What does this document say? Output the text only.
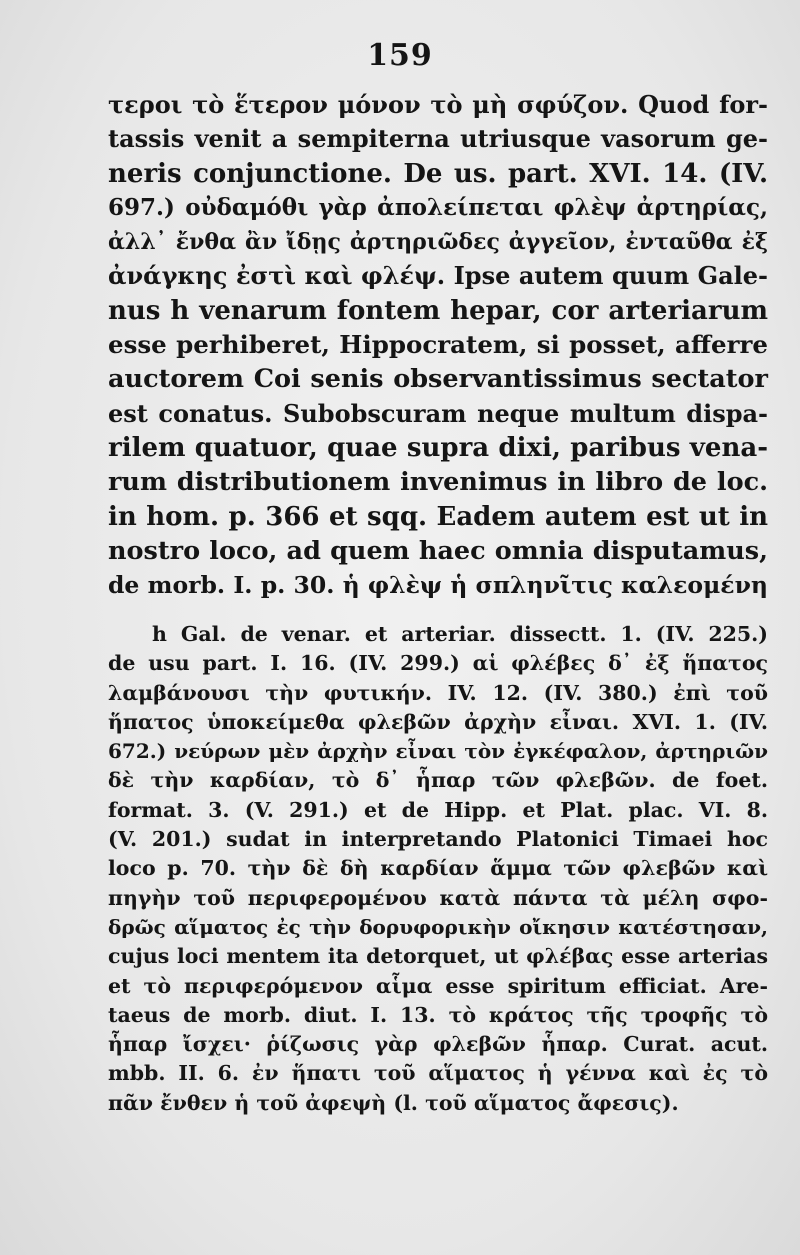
159
τεροι τὸ ἕτερον μόνον τὸ μὴ σφύζον. Quod for-
tassis venit a sempiterna utriusque vasorum ge-
neris conjunctione. De us. part. XVI. 14. (IV.
697.) οὐδαμόθι γὰρ ἀπολείπεται φλὲψ ἀρτηρίας,
ἀλλ᾽ ἔνθα ἂν ἴδῃς ἀρτηριῶδες ἀγγεῖον, ἐνταῦθα ἐξ
ἀνάγκης ἐστὶ καὶ φλέψ. Ipse autem quum Gale-
nus h venarum fontem hepar, cor arteriarum
esse perhiberet, Hippocratem, si posset, afferre
auctorem Coi senis observantissimus sectator
est conatus. Subobscuram neque multum dispa-
rilem quatuor, quae supra dixi, paribus vena-
rum distributionem invenimus in libro de loc.
in hom. p. 366 et sqq. Eadem autem est ut in
nostro loco, ad quem haec omnia disputamus,
de morb. I. p. 30. ἡ φλὲψ ἡ σπληνῖτις καλεομένη
h Gal. de venar. et arteriar. dissectt. 1. (IV. 225.)
de usu part. I. 16. (IV. 299.) αἱ φλέβες δ᾽ ἐξ ἥπατος
λαμβάνουσι τὴν φυτικήν. IV. 12. (IV. 380.) ἐπὶ τοῦ
ἥπατος ὑποκείμεθα φλεβῶν ἀρχὴν εἶναι. XVI. 1. (IV.
672.) νεύρων μὲν ἀρχὴν εἶναι τὸν ἐγκέφαλον, ἀρτηριῶν
δὲ τὴν καρδίαν, τὸ δ᾽ ἧπαρ τῶν φλεβῶν. de foet.
format. 3. (V. 291.) et de Hipp. et Plat. plac. VI. 8.
(V. 201.) sudat in interpretando Platonici Timaei hoc
loco p. 70. τὴν δὲ δὴ καρδίαν ἅμμα τῶν φλεβῶν καὶ
πηγὴν τοῦ περιφερομένου κατὰ πάντα τὰ μέλη σφο-
δρῶς αἵματος ἐς τὴν δορυφορικὴν οἴκησιν κατέστησαν,
cujus loci mentem ita detorquet, ut φλέβας esse arterias
et τὸ περιφερόμενον αἷμα esse spiritum efficiat. Are-
taeus de morb. diut. I. 13. τὸ κράτος τῆς τροφῆς τὸ
ἧπαρ ἴσχει· ῥίζωσις γὰρ φλεβῶν ἧπαρ. Curat. acut.
mbb. II. 6. ἐν ἥπατι τοῦ αἵματος ἡ γέννα καὶ ἐς τὸ
πᾶν ἔνθεν ἡ τοῦ ἀφεψὴ (l. τοῦ αἵματος ἄφεσις).
